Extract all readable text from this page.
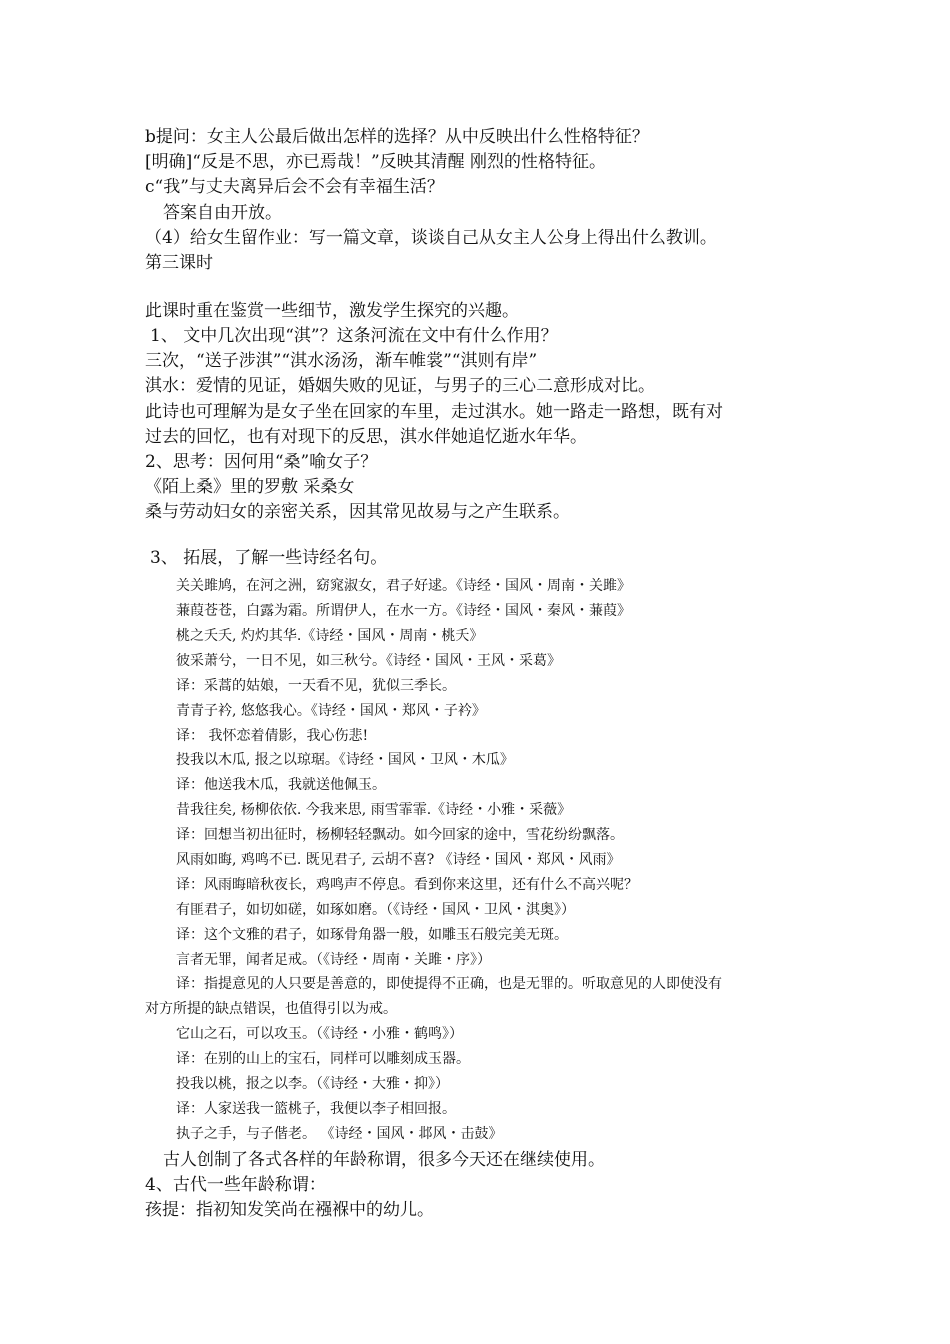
b提问：女主人公最后做出怎样的选择？从中反映出什么性格特征？
[明确]“反是不思，亦已焉哉！”反映其清醒 刚烈的性格特征。
c“我”与丈夫离异后会不会有幸福生活？
答案自由开放。
（4）给女生留作业：写一篇文章，谈谈自己从女主人公身上得出什么教训。
第三课时
此课时重在鉴赏一些细节，激发学生探究的兴趣。
1、 文中几次出现“淇”？这条河流在文中有什么作用？
三次，“送子涉淇”“淇水汤汤，渐车帷裳”“淇则有岸”
淇水：爱情的见证，婚姻失败的见证，与男子的三心二意形成对比。
此诗也可理解为是女子坐在回家的车里，走过淇水。她一路走一路想，既有对
过去的回忆，也有对现下的反思，淇水伴她追忆逝水年华。
2、思考：因何用“桑”喻女子？
《陌上桑》里的罗敷 采桑女
桑与劳动妇女的亲密关系，因其常见故易与之产生联系。
3、 拓展，了解一些诗经名句。
关关雎鸠，在河之洲，窈窕淑女，君子好逑。《诗经・国风・周南・关雎》
蒹葭苍苍，白露为霜。所谓伊人，在水一方。《诗经・国风・秦风・蒹葭》
桃之夭夭, 灼灼其华.《诗经・国风・周南・桃夭》
彼采萧兮，一日不见，如三秋兮。《诗经・国风・王风・采葛》
译：采蒿的姑娘，一天看不见，犹似三季长。
青青子衿, 悠悠我心。《诗经・国风・郑风・子衿》
译： 我怀恋着倩影，我心伤悲!
投我以木瓜, 报之以琼琚。《诗经・国风・卫风・木瓜》
译：他送我木瓜，我就送他佩玉。
昔我往矣, 杨柳依依. 今我来思, 雨雪霏霏.《诗经・小雅・采薇》
译：回想当初出征时，杨柳轻轻飘动。如今回家的途中，雪花纷纷飘落。
风雨如晦, 鸡鸣不已. 既见君子, 云胡不喜? 《诗经・国风・郑风・风雨》
译：风雨晦暗秋夜长，鸡鸣声不停息。看到你来这里，还有什么不高兴呢？
有匪君子，如切如磋，如琢如磨。（《诗经・国风・卫风・淇奥》）
译：这个文雅的君子，如琢骨角器一般，如雕玉石般完美无斑。
言者无罪，闻者足戒。（《诗经・周南・关雎・序》）
译：指提意见的人只要是善意的，即使提得不正确，也是无罪的。听取意见的人即使没有
对方所提的缺点错误，也值得引以为戒。
它山之石，可以攻玉。（《诗经・小雅・鹤鸣》）
译：在别的山上的宝石，同样可以雕刻成玉器。
投我以桃，报之以李。（《诗经・大雅・抑》）
译：人家送我一篮桃子，我便以李子相回报。
执子之手，与子偕老。 《诗经・国风・邶风・击鼓》
古人创制了各式各样的年龄称谓，很多今天还在继续使用。
4、古代一些年龄称谓：
孩提：指初知发笑尚在襁褓中的幼儿。
